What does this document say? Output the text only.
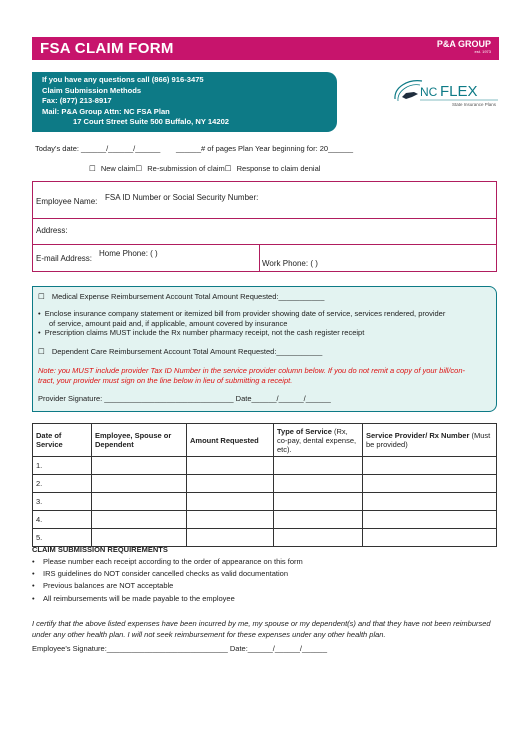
FSA CLAIM FORM	P&A GROUP
est. 1973
If you have any questions call (866) 916-3475
Claim Submission Methods
Fax: (877) 213-8917
Mail: P&A Group Attn: NC FSA Plan
17 Court Street Suite 500 Buffalo, NY 14202
NC FLEX
State Insurance Plans
Today's date: ______/______/______ ______# of pages Plan Year beginning for: 20______
☐ New claim☐ Re-submission of claim☐ Response to claim denial
Employee Name: FSA ID Number or Social Security Number:
Address:
E-mail Address:
Home Phone: ( )
Work Phone: ( )
☐ Medical Expense Reimbursement Account Total Amount Requested:___________
• Enclose insurance company statement or itemized bill from provider showing date of service, services rendered, provider
of service, amount paid and, if applicable, amount covered by insurance
• Prescription claims MUST include the Rx number pharmacy receipt, not the cash register receipt
☐ Dependent Care Reimbursement Account Total Amount Requested:___________
Note: you MUST include provider Tax ID Number in the service provider column below. If you do not remit a copy of your bill/con-
tract, your provider must sign on the line below in lieu of submitting a receipt.
Provider Signature: _______________________________ Date______/______/______
Date of Service	Employee, Spouse or Dependent	Amount Requested	Type of Service (Rx, co-pay, dental expense, etc).	Service Provider/ Rx Number (Must be provided)
1.				
2.				
3.				
4.				
5.				
CLAIM SUBMISSION REQUIREMENTS
• Please number each receipt according to the order of appearance on this form
• IRS guidelines do NOT consider cancelled checks as valid documentation
• Previous balances are NOT acceptable
• All reimbursements will be made payable to the employee
I certify that the above listed expenses have been incurred by me, my spouse or my dependent(s) and that they have not been reimbursed
under any other health plan. I will not seek reimbursement for these expenses under any other health plan.
Employee's Signature:_____________________________ Date:______/______/______
